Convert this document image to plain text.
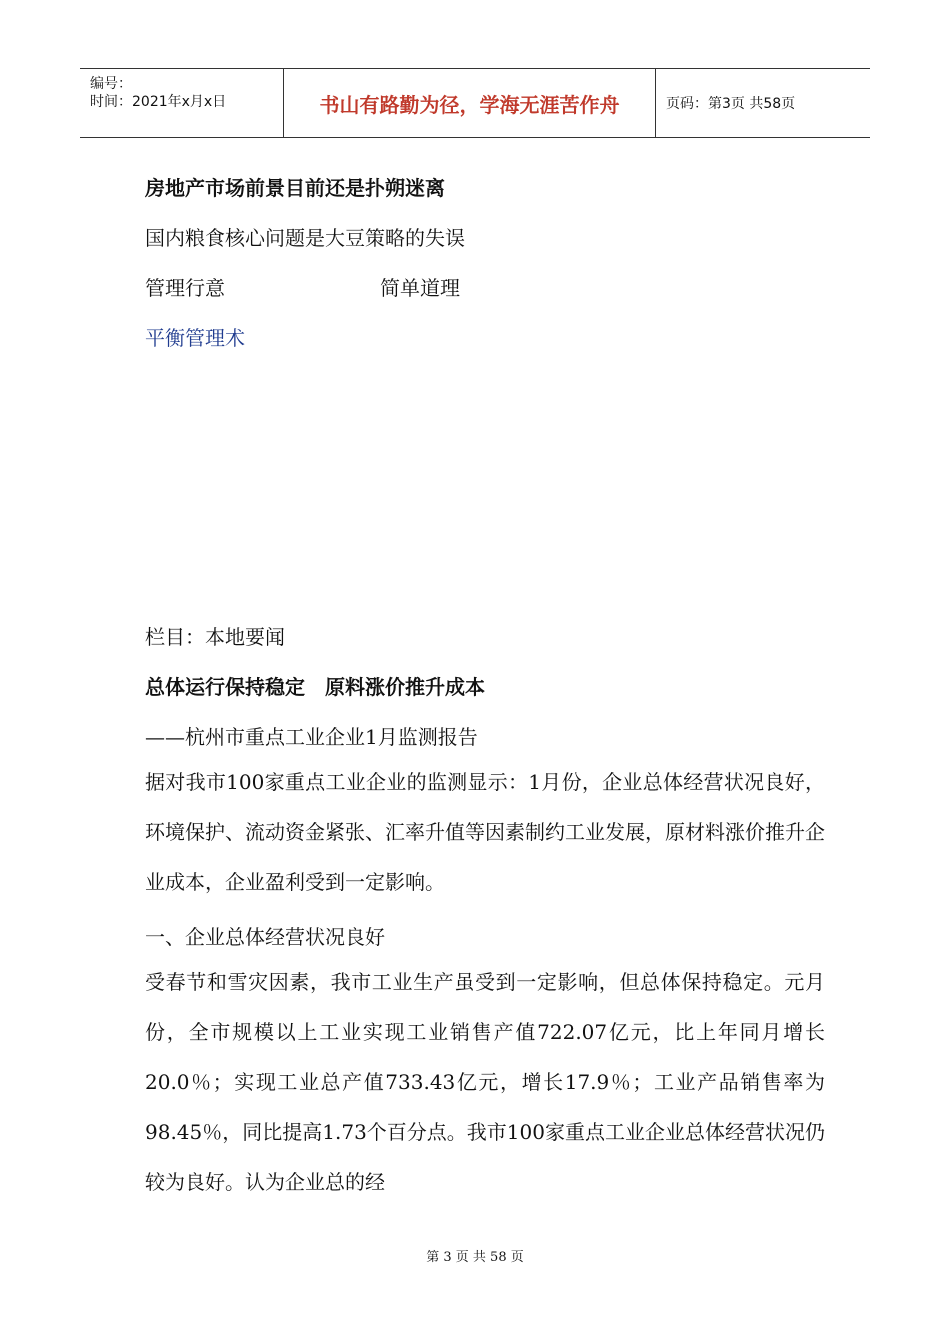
编号：
时间：2021年x月x日	书山有路勤为径，学海无涯苦作舟	页码：第3页 共58页
房地产市场前景目前还是扑朔迷离
国内粮食核心问题是大豆策略的失误
管理行意	简单道理
平衡管理术
栏目：本地要闻
总体运行保持稳定　原料涨价推升成本
——杭州市重点工业企业1月监测报告
据对我市100家重点工业企业的监测显示：1月份，企业总体经营状况良好，环境保护、流动资金紧张、汇率升值等因素制约工业发展，原材料涨价推升企业成本，企业盈利受到一定影响。
一、企业总体经营状况良好
受春节和雪灾因素，我市工业生产虽受到一定影响，但总体保持稳定。元月份，全市规模以上工业实现工业销售产值722.07亿元，比上年同月增长20.0％；实现工业总产值733.43亿元，增长17.9％；工业产品销售率为98.45％，同比提高1.73个百分点。我市100家重点工业企业总体经营状况仍较为良好。认为企业总的经
第 3 页 共 58 页
